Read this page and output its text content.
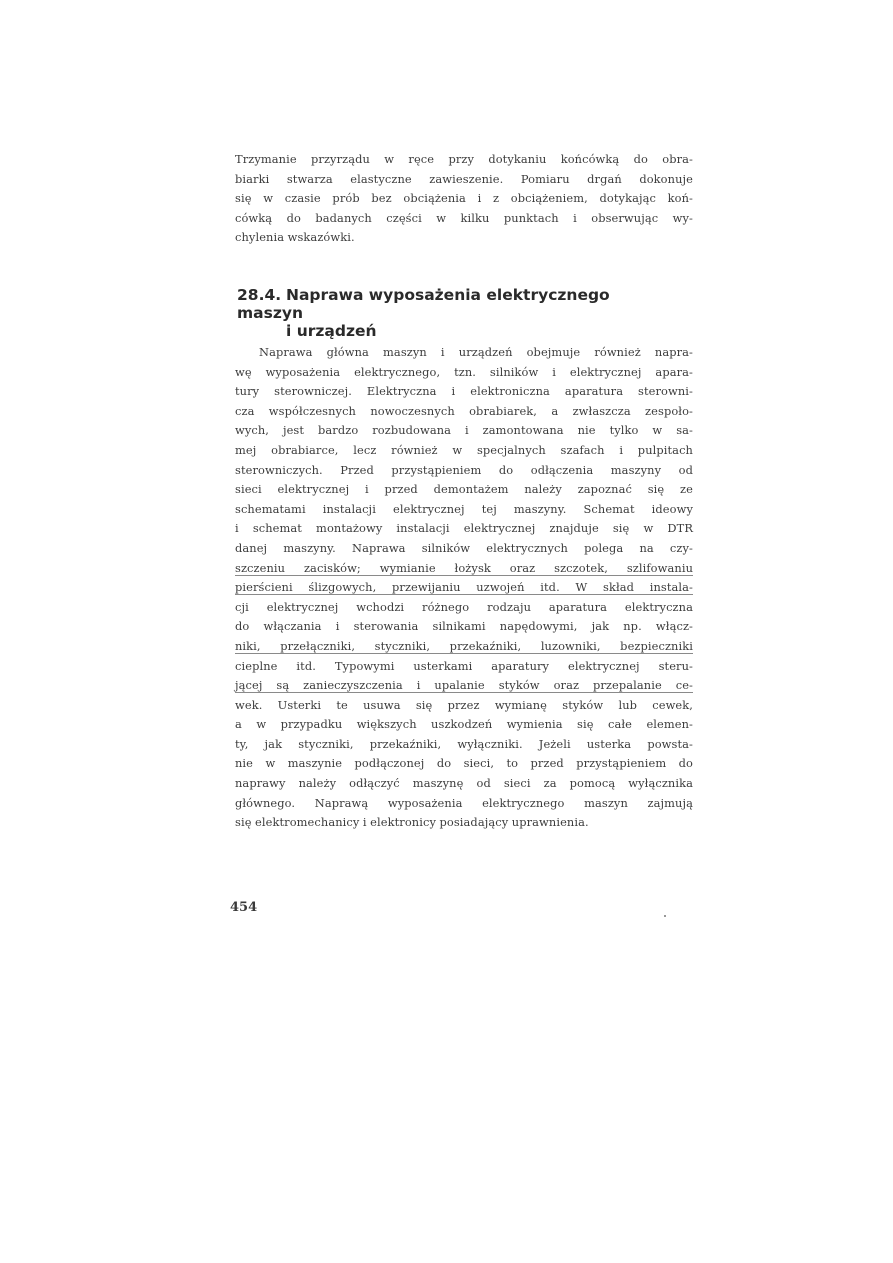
Trzymanie przyrządu w ręce przy dotykaniu końcówką do obra-
biarki stwarza elastyczne zawieszenie. Pomiaru drgań dokonuje
się w czasie prób bez obciążenia i z obciążeniem, dotykając koń-
cówką do badanych części w kilku punktach i obserwując wy-
chylenia wskazówki.
28.4. Naprawa wyposażenia elektrycznego maszyn
i urządzeń
Naprawa główna maszyn i urządzeń obejmuje również napra-
wę wyposażenia elektrycznego, tzn. silników i elektrycznej apara-
tury sterowniczej. Elektryczna i elektroniczna aparatura sterowni-
cza współczesnych nowoczesnych obrabiarek, a zwłaszcza zespoło-
wych, jest bardzo rozbudowana i zamontowana nie tylko w sa-
mej obrabiarce, lecz również w specjalnych szafach i pulpitach
sterowniczych. Przed przystąpieniem do odłączenia maszyny od
sieci elektrycznej i przed demontażem należy zapoznać się ze
schematami instalacji elektrycznej tej maszyny. Schemat ideowy
i schemat montażowy instalacji elektrycznej znajduje się w DTR
danej maszyny. Naprawa silników elektrycznych polega na czy-
szczeniu zacisków; wymianie łożysk oraz szczotek, szlifowaniu
pierścieni ślizgowych, przewijaniu uzwojeń itd. W skład instala-
cji elektrycznej wchodzi różnego rodzaju aparatura elektryczna
do włączania i sterowania silnikami napędowymi, jak np. włącz-
niki, przełączniki, styczniki, przekaźniki, luzowniki, bezpieczniki
cieplne itd. Typowymi usterkami aparatury elektrycznej steru-
jącej są zanieczyszczenia i upalanie styków oraz przepalanie ce-
wek. Usterki te usuwa się przez wymianę styków lub cewek,
a w przypadku większych uszkodzeń wymienia się całe elemen-
ty, jak styczniki, przekaźniki, wyłączniki. Jeżeli usterka powsta-
nie w maszynie podłączonej do sieci, to przed przystąpieniem do
naprawy należy odłączyć maszynę od sieci za pomocą wyłącznika
głównego. Naprawą wyposażenia elektrycznego maszyn zajmują
się elektromechanicy i elektronicy posiadający uprawnienia.
454
